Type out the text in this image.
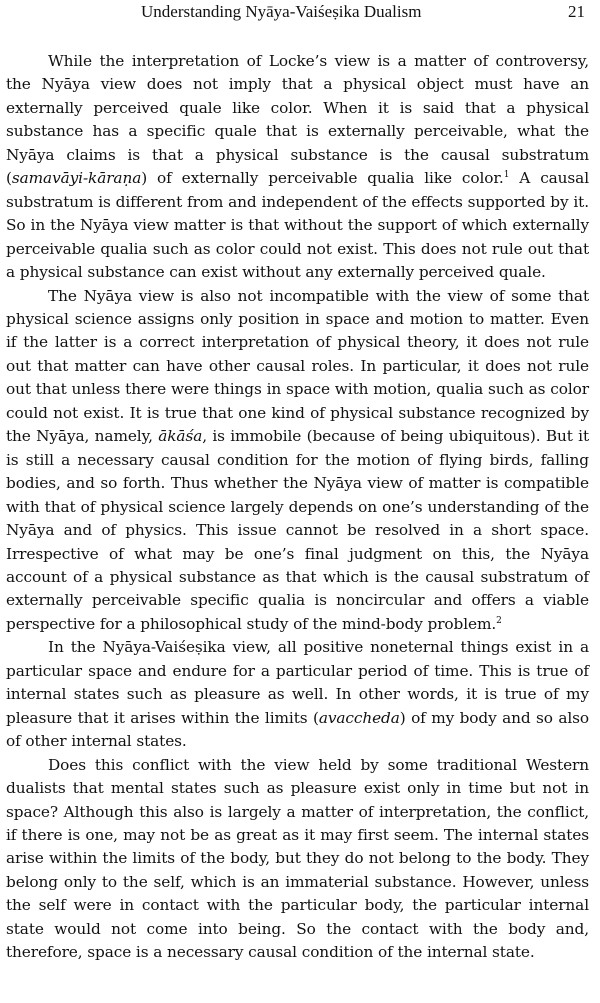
Understanding Nyāya-Vaiśeṣika Dualism	21

While the interpretation of Locke’s view is a matter of controversy, the Nyāya view does not imply that a physical object must have an externally perceived quale like color. When it is said that a physical substance has a specific quale that is externally perceivable, what the Nyāya claims is that a physical substance is the causal substratum (samavāyi-kāraṇa) of externally perceivable qualia like color.$^1$ A causal substratum is different from and independent of the effects supported by it. So in the Nyāya view matter is that without the support of which externally perceivable qualia such as color could not exist. This does not rule out that a physical substance can exist without any externally perceived quale.

The Nyāya view is also not incompatible with the view of some that physical science assigns only position in space and motion to matter. Even if the latter is a correct interpretation of physical theory, it does not rule out that matter can have other causal roles. In particular, it does not rule out that unless there were things in space with motion, qualia such as color could not exist. It is true that one kind of physical substance recognized by the Nyāya, namely, ākāśa, is immobile (because of being ubiquitous). But it is still a necessary causal condition for the motion of flying birds, falling bodies, and so forth. Thus whether the Nyāya view of matter is compatible with that of physical science largely depends on one’s understanding of the Nyāya and of physics. This issue cannot be resolved in a short space. Irrespective of what may be one’s final judgment on this, the Nyāya account of a physical substance as that which is the causal substratum of externally perceivable specific qualia is noncircular and offers a viable perspective for a philosophical study of the mind-body problem.$^2$

In the Nyāya-Vaiśeṣika view, all positive noneternal things exist in a particular space and endure for a particular period of time. This is true of internal states such as pleasure as well. In other words, it is true of my pleasure that it arises within the limits (avaccheda) of my body and so also of other internal states.

Does this conflict with the view held by some traditional Western dualists that mental states such as pleasure exist only in time but not in space? Although this also is largely a matter of interpretation, the conflict, if there is one, may not be as great as it may first seem. The internal states arise within the limits of the body, but they do not belong to the body. They belong only to the self, which is an immaterial substance. However, unless the self were in contact with the particular body, the particular internal state would not come into being. So the contact with the body and, therefore, space is a necessary causal condition of the internal state.
